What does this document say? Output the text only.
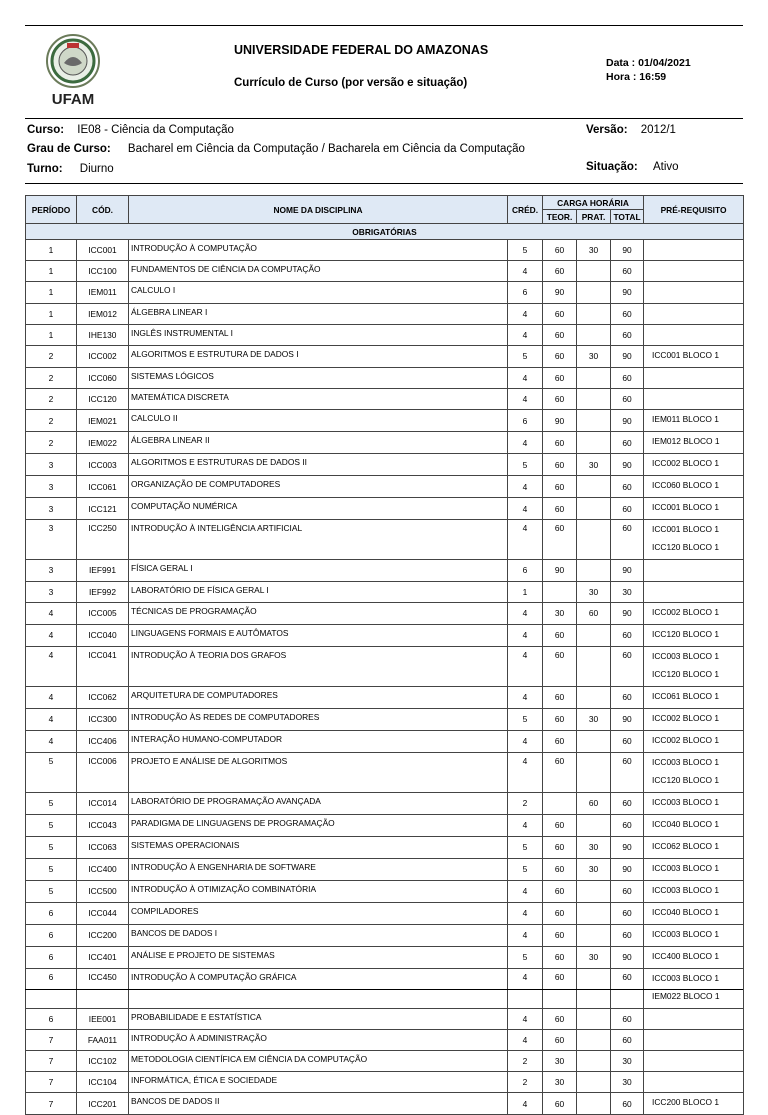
UFAM
UNIVERSIDADE FEDERAL DO AMAZONAS
Currículo de Curso (por versão e situação)
Data : 01/04/2021
Hora : 16:59
Curso: IE08 - Ciência da Computação	Versão: 2012/1
Grau de Curso: Bacharel em Ciência da Computação / Bacharela em Ciência da Computação
Turno: Diurno	Situação: Ativo
PERÍODO	CÓD.	NOME DA DISCIPLINA	CRÉD.	CARGA HORÁRIA			PRÉ-REQUISITO
				TEOR.	PRAT.	TOTAL	
OBRIGATÓRIAS							
1	ICC001	INTRODUÇÃO À COMPUTAÇÃO	5	60	30	90	
1	ICC100	FUNDAMENTOS DE CIÊNCIA DA COMPUTAÇÃO	4	60		60	
1	IEM011	CALCULO I	6	90		90	
1	IEM012	ÁLGEBRA LINEAR I	4	60		60	
1	IHE130	INGLÊS INSTRUMENTAL I	4	60		60	
2	ICC002	ALGORITMOS E ESTRUTURA DE DADOS I	5	60	30	90	ICC001 BLOCO 1

2	ICC060	SISTEMAS LÓGICOS	4	60		60	
2	ICC120	MATEMÁTICA DISCRETA	4	60		60	
2	IEM021	CALCULO II	6	90		90	IEM011 BLOCO 1

2	IEM022	ÁLGEBRA LINEAR II	4	60		60	IEM012 BLOCO 1

3	ICC003	ALGORITMOS E ESTRUTURAS DE DADOS II	5	60	30	90	ICC002 BLOCO 1

3	ICC061	ORGANIZAÇÃO DE COMPUTADORES	4	60		60	ICC060 BLOCO 1

3	ICC121	COMPUTAÇÃO NUMÉRICA	4	60		60	ICC001 BLOCO 1

3	ICC250	INTRODUÇÃO À INTELIGÊNCIA ARTIFICIAL	4	60		60	ICC001 BLOCO 1
ICC120 BLOCO 1

3	IEF991	FÍSICA GERAL I	6	90		90	
3	IEF992	LABORATÓRIO DE FÍSICA GERAL I	1		30	30	
4	ICC005	TÉCNICAS DE PROGRAMAÇÃO	4	30	60	90	ICC002 BLOCO 1

4	ICC040	LINGUAGENS FORMAIS E AUTÔMATOS	4	60		60	ICC120 BLOCO 1

4	ICC041	INTRODUÇÃO À TEORIA DOS GRAFOS	4	60		60	ICC003 BLOCO 1
ICC120 BLOCO 1

4	ICC062	ARQUITETURA DE COMPUTADORES	4	60		60	ICC061 BLOCO 1

4	ICC300	INTRODUÇÃO ÀS REDES DE COMPUTADORES	5	60	30	90	ICC002 BLOCO 1

4	ICC406	INTERAÇÃO HUMANO-COMPUTADOR	4	60		60	ICC002 BLOCO 1

5	ICC006	PROJETO E ANÁLISE DE ALGORITMOS	4	60		60	ICC003 BLOCO 1
ICC120 BLOCO 1

5	ICC014	LABORATÓRIO DE PROGRAMAÇÃO AVANÇADA	2		60	60	ICC003 BLOCO 1

5	ICC043	PARADIGMA DE LINGUAGENS DE PROGRAMAÇÃO	4	60		60	ICC040 BLOCO 1

5	ICC063	SISTEMAS OPERACIONAIS	5	60	30	90	ICC062 BLOCO 1

5	ICC400	INTRODUÇÃO À ENGENHARIA DE SOFTWARE	5	60	30	90	ICC003 BLOCO 1

5	ICC500	INTRODUÇÃO À OTIMIZAÇÃO COMBINATÓRIA	4	60		60	ICC003 BLOCO 1

6	ICC044	COMPILADORES	4	60		60	ICC040 BLOCO 1

6	ICC200	BANCOS DE DADOS I	4	60		60	ICC003 BLOCO 1

6	ICC401	ANÁLISE E PROJETO DE SISTEMAS	5	60	30	90	ICC400 BLOCO 1

6	ICC450	INTRODUÇÃO À COMPUTAÇÃO GRÁFICA	4	60		60	ICC003 BLOCO 1
IEM022 BLOCO 1

6	IEE001	PROBABILIDADE E ESTATÍSTICA	4	60		60	
7	FAA011	INTRODUÇÃO À ADMINISTRAÇÃO	4	60		60	
7	ICC102	METODOLOGIA CIENTÍFICA EM CIÊNCIA DA COMPUTAÇÃO	2	30		30	
7	ICC104	INFORMÁTICA, ÉTICA E SOCIEDADE	2	30		30	
7	ICC201	BANCOS DE DADOS II	4	60		60	ICC200 BLOCO 1
